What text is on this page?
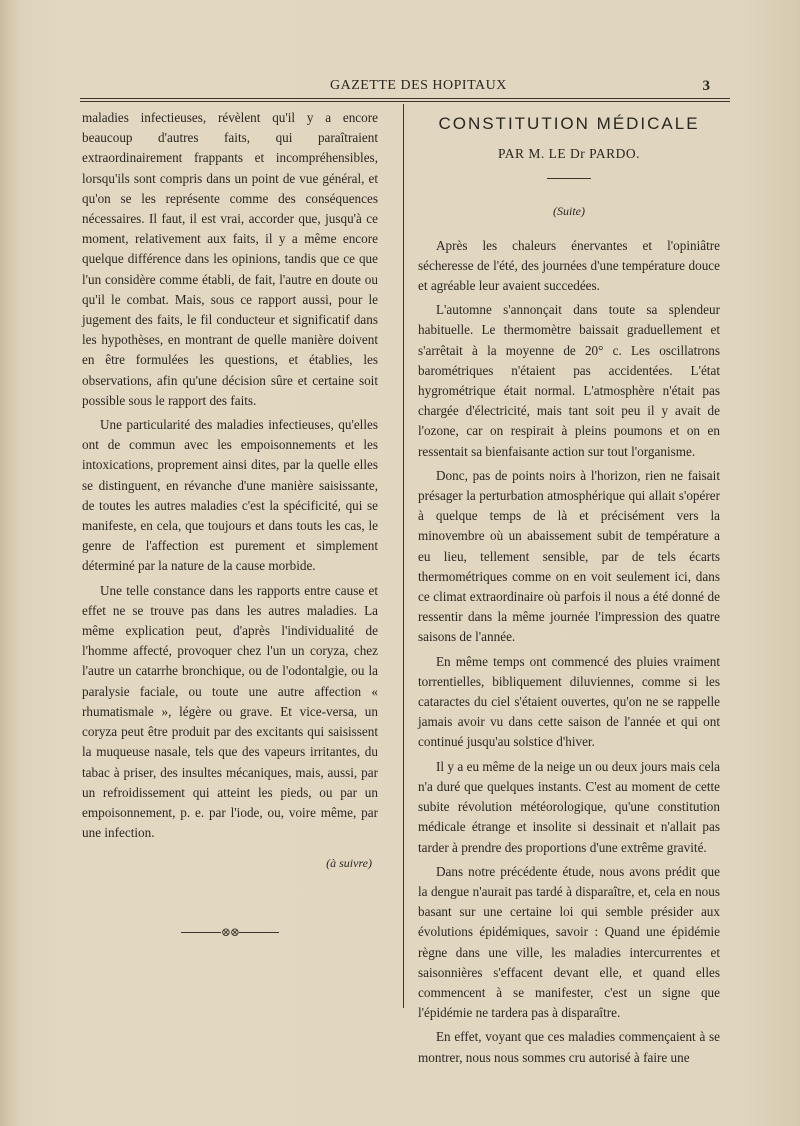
GAZETTE DES HOPITAUX	3

maladies infectieuses, révèlent qu'il y a encore beaucoup d'autres faits, qui paraîtraient extraordinairement frappants et incompréhensibles, lorsqu'ils sont compris dans un point de vue général, et qu'on se les représente comme des conséquences nécessaires. Il faut, il est vrai, accorder que, jusqu'à ce moment, relativement aux faits, il y a même encore quelque différence dans les opinions, tandis que ce que l'un considère comme établi, de fait, l'autre en doute ou qu'il le combat. Mais, sous ce rapport aussi, pour le jugement des faits, le fil conducteur et significatif dans les hypothèses, en montrant de quelle manière doivent en être formulées les questions, et établies, les observations, afin qu'une décision sûre et certaine soit possible sous le rapport des faits.

Une particularité des maladies infectieuses, qu'elles ont de commun avec les empoisonnements et les intoxications, proprement ainsi dites, par la quelle elles se distinguent, en révanche d'une manière saisissante, de toutes les autres maladies c'est la spécificité, qui se manifeste, en cela, que toujours et dans touts les cas, le genre de l'affection est purement et simplement déterminé par la nature de la cause morbide.

Une telle constance dans les rapports entre cause et effet ne se trouve pas dans les autres maladies. La même explication peut, d'après l'individualité de l'homme affecté, provoquer chez l'un un coryza, chez l'autre un catarrhe bronchique, ou de l'odontalgie, ou la paralysie faciale, ou toute une autre affection « rhumatismale », légère ou grave. Et vice-versa, un coryza peut être produit par des excitants qui saisissent la muqueuse nasale, tels que des vapeurs irritantes, du tabac à priser, des insultes mécaniques, mais, aussi, par un refroidissement qui atteint les pieds, ou par un empoisonnement, p. e. par l'iode, ou, voire même, par une infection.

(à suivre)
⊗⊗
CONSTITUTION MÉDICALE
PAR M. LE Dr PARDO.
(Suite)

Après les chaleurs énervantes et l'opiniâtre sécheresse de l'été, des journées d'une température douce et agréable leur avaient succedées.

L'automne s'annonçait dans toute sa splendeur habituelle. Le thermomètre baissait graduellement et s'arrêtait à la moyenne de 20° c. Les oscillatrons barométriques n'étaient pas accidentées. L'état hygrométrique était normal. L'atmosphère n'était pas chargée d'électricité, mais tant soit peu il y avait de l'ozone, car on respirait à pleins poumons et on en ressentait sa bienfaisante action sur tout l'organisme.

Donc, pas de points noirs à l'horizon, rien ne faisait présager la perturbation atmosphérique qui allait s'opérer à quelque temps de là et précisément vers la minovembre où un abaissement subit de température a eu lieu, tellement sensible, par de tels écarts thermométriques comme on en voit seulement ici, dans ce climat extraordinaire où parfois il nous a été donné de ressentir dans la même journée l'impression des quatre saisons de l'année.

En même temps ont commencé des pluies vraiment torrentielles, bibliquement diluviennes, comme si les cataractes du ciel s'étaient ouvertes, qu'on ne se rappelle jamais avoir vu dans cette saison de l'année et qui ont continué jusqu'au solstice d'hiver.

Il y a eu même de la neige un ou deux jours mais cela n'a duré que quelques instants. C'est au moment de cette subite révolution météorologique, qu'une constitution médicale étrange et insolite si dessinait et n'allait pas tarder à prendre des proportions d'une extrême gravité.

Dans notre précédente étude, nous avons prédit que la dengue n'aurait pas tardé à disparaître, et, cela en nous basant sur une certaine loi qui semble présider aux évolutions épidémiques, savoir : Quand une épidémie règne dans une ville, les maladies intercurrentes et saisonnières s'effacent devant elle, et quand elles commencent à se manifester, c'est un signe que l'épidémie ne tardera pas à disparaître.

En effet, voyant que ces maladies commençaient à se montrer, nous nous sommes cru autorisé à faire une
